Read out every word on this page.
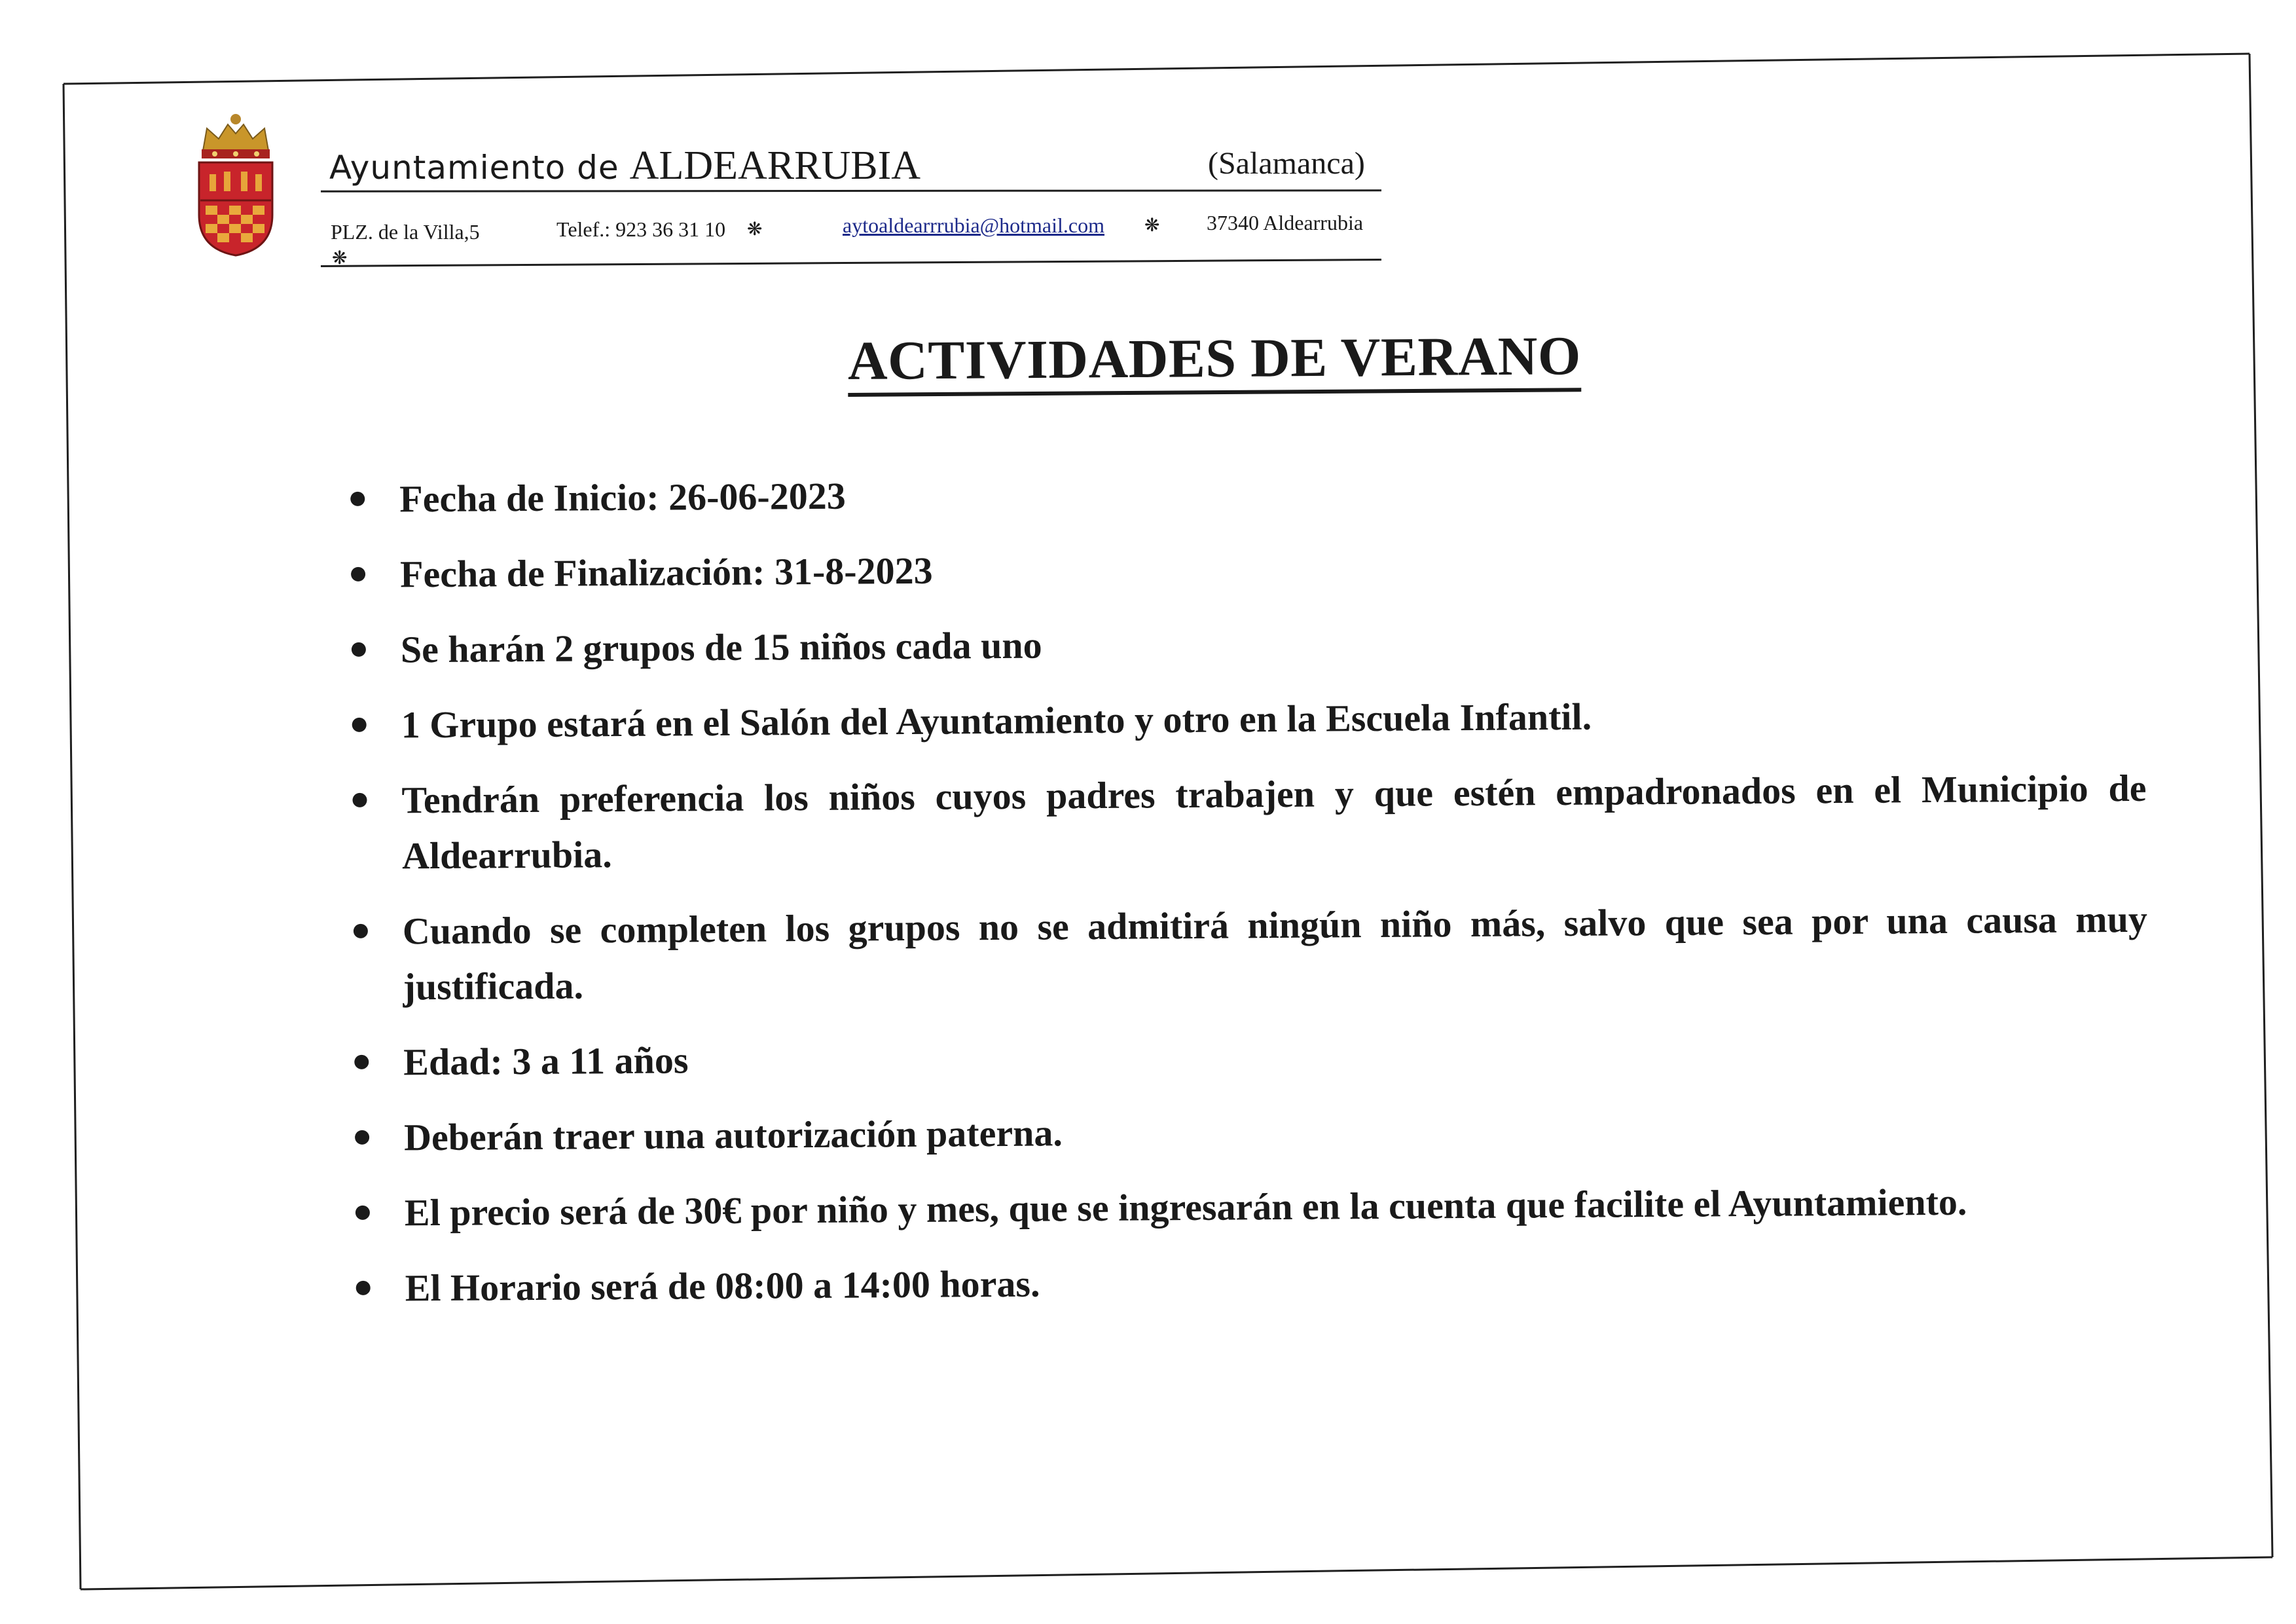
Ayuntamiento de ALDEARRUBIA	(Salamanca)
PLZ. de la Villa,5	Telef.: 923 36 31 10 ❋	aytoaldearrrubia@hotmail.com ❋ 37340 Aldearrubia
❋
ACTIVIDADES DE VERANO
Fecha de Inicio: 26-06-2023
Fecha de Finalización: 31-8-2023
Se harán 2 grupos de 15 niños cada uno
1 Grupo estará en el Salón del Ayuntamiento y otro en la Escuela Infantil.
Tendrán preferencia los niños cuyos padres trabajen y que estén empadronados en el Municipio de Aldearrubia.
Cuando se completen los grupos no se admitirá ningún niño más, salvo que sea por una causa muy justificada.
Edad: 3 a 11 años
Deberán traer una autorización paterna.
El precio será de 30€ por niño y mes, que se ingresarán en la cuenta que facilite el Ayuntamiento.
El Horario será de 08:00 a 14:00 horas.
